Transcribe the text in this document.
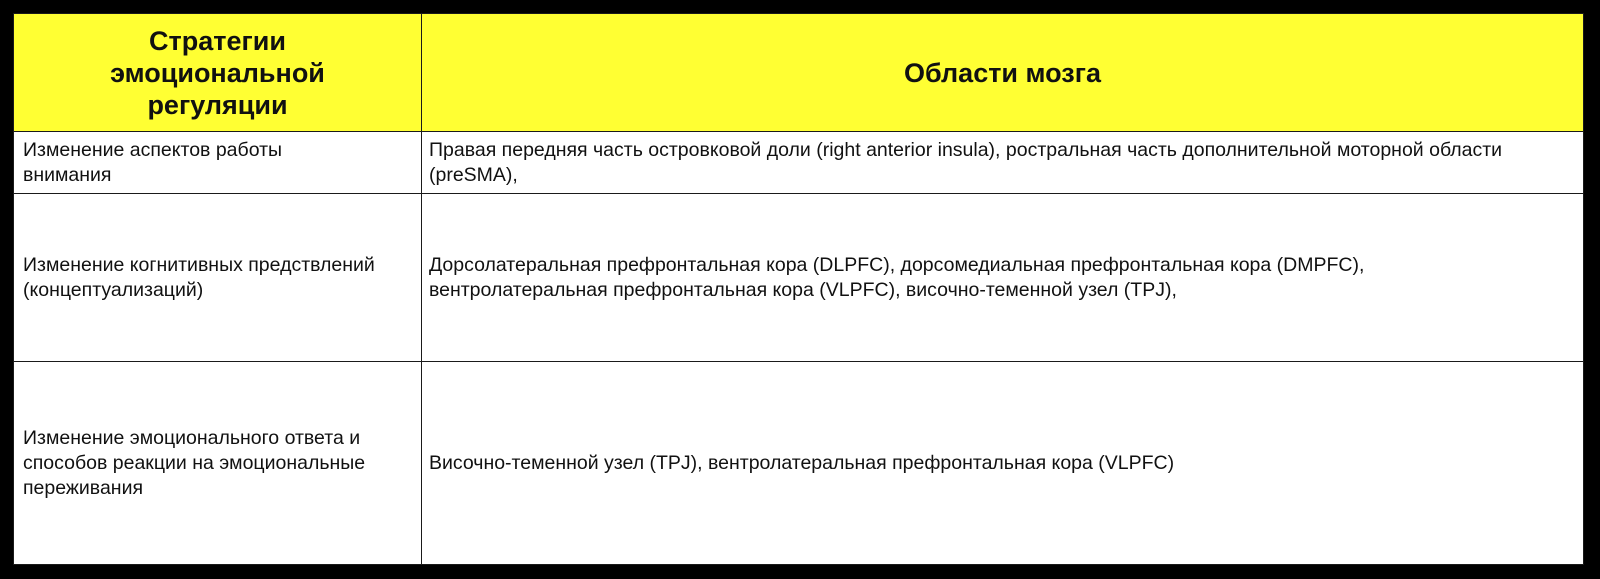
Стратегии эмоциональной регуляции	Области мозга
Изменение аспектов работы внимания	Правая передняя часть островковой доли (right anterior insula), ростральная часть дополнительной моторной области (preSMA),
Изменение когнитивных предствлений (концептуализаций)	Дорсолатеральная префронтальная кора (DLPFC), дорсомедиальная префронтальная кора (DMPFC), вентролатеральная префронтальная кора (VLPFC), височно-теменной узел (TPJ),
Изменение эмоционального ответа и способов реакции на эмоциональные переживания	Височно-теменной узел (TPJ), вентролатеральная префронтальная кора (VLPFC)
